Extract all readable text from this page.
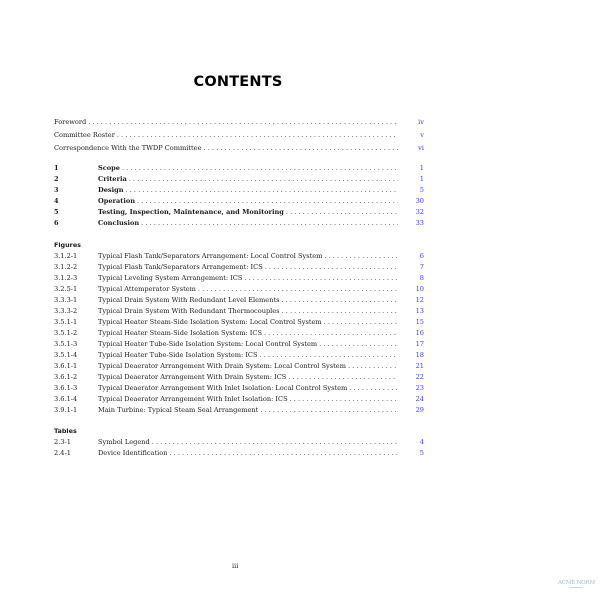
CONTENTS
Foreword . . .	iv
Committee Roster . . .	v
Correspondence With the TWDP Committee . . .	vi
1	Scope . . .	1
2	Criteria . . .	1
3	Design . . .	5
4	Operation . . .	30
5	Testing, Inspection, Maintenance, and Monitoring . . .	32
6	Conclusion . . .	33
Figures
3.1.2-1	Typical Flash Tank/Separators Arrangement: Local Control System . . .	6
3.1.2-2	Typical Flash Tank/Separators Arrangement: ICS . . .	7
3.1.2-3	Typical Leveling System Arrangement: ICS . . .	8
3.2.5-1	Typical Attemperator System . . .	10
3.3.3-1	Typical Drain System With Redundant Level Elements . . .	12
3.3.3-2	Typical Drain System With Redundant Thermocouples . . .	13
3.5.1-1	Typical Heater Steam-Side Isolation System: Local Control System . . .	15
3.5.1-2	Typical Heater Steam-Side Isolation System: ICS . . .	16
3.5.1-3	Typical Heater Tube-Side Isolation System: Local Control System . . .	17
3.5.1-4	Typical Heater Tube-Side Isolation System: ICS . . .	18
3.6.1-1	Typical Deaerator Arrangement With Drain System: Local Control System . . .	21
3.6.1-2	Typical Deaerator Arrangement With Drain System: ICS . . .	22
3.6.1-3	Typical Deaerator Arrangement With Inlet Isolation: Local Control System . . .	23
3.6.1-4	Typical Deaerator Arrangement With Inlet Isolation: ICS . . .	24
3.9.1-1	Main Turbine: Typical Steam Seal Arrangement . . .	29
Tables
2.3-1	Symbol Legend . . .	4
2.4-1	Device Identification . . .	5
iii
ACME NORM
